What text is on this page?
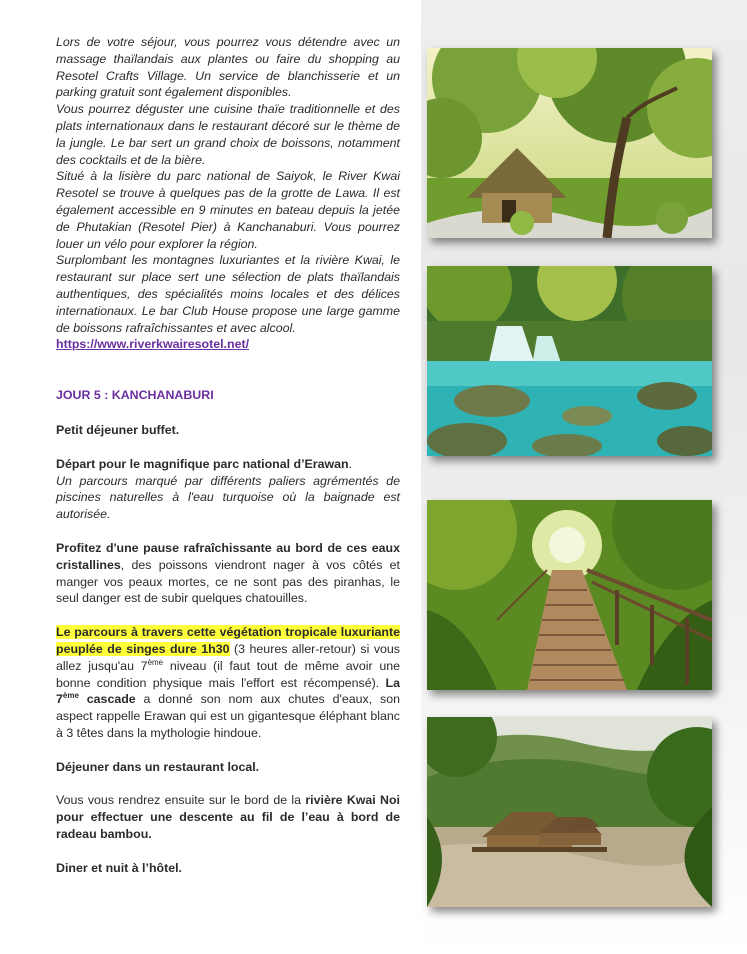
Lors de votre séjour, vous pourrez vous détendre avec un massage thaïlandais aux plantes ou faire du shopping au Resotel Crafts Village. Un service de blanchisserie et un parking gratuit sont également disponibles.

Vous pourrez déguster une cuisine thaïe traditionnelle et des plats internationaux dans le restaurant décoré sur le thème de la jungle. Le bar sert un grand choix de boissons, notamment des cocktails et de la bière.

Situé à la lisière du parc national de Saiyok, le River Kwai Resotel se trouve à quelques pas de la grotte de Lawa. Il est également accessible en 9 minutes en bateau depuis la jetée de Phutakian (Resotel Pier) à Kanchanaburi. Vous pourrez louer un vélo pour explorer la région.

Surplombant les montagnes luxuriantes et la rivière Kwai, le restaurant sur place sert une sélection de plats thaïlandais authentiques, des spécialités moins locales et des délices internationaux. Le bar Club House propose une large gamme de boissons rafraîchissantes et avec alcool.

https://www.riverkwairesotel.net/

JOUR 5 : KANCHANABURI

Petit déjeuner buffet.

Départ pour le magnifique parc national d’Erawan.

Un parcours marqué par différents paliers agrémentés de piscines naturelles à l'eau turquoise où la baignade est autorisée.

Profitez d'une pause rafraîchissante au bord de ces eaux cristallines, des poissons viendront nager à vos côtés et manger vos peaux mortes, ce ne sont pas des piranhas, le seul danger est de subir quelques chatouilles.

Le parcours à travers cette végétation tropicale luxuriante peuplée de singes dure 1h30 (3 heures aller-retour) si vous allez jusqu'au 7ème niveau (il faut tout de même avoir une bonne condition physique mais l'effort est récompensé). La 7ème cascade a donné son nom aux chutes d'eaux, son aspect rappelle Erawan qui est un gigantesque éléphant blanc à 3 têtes dans la mythologie hindoue.

Déjeuner dans un restaurant local.

Vous vous rendrez ensuite sur le bord de la rivière Kwai Noi pour effectuer une descente au fil de l’eau à bord de radeau bambou.

Diner et nuit à l’hôtel.
